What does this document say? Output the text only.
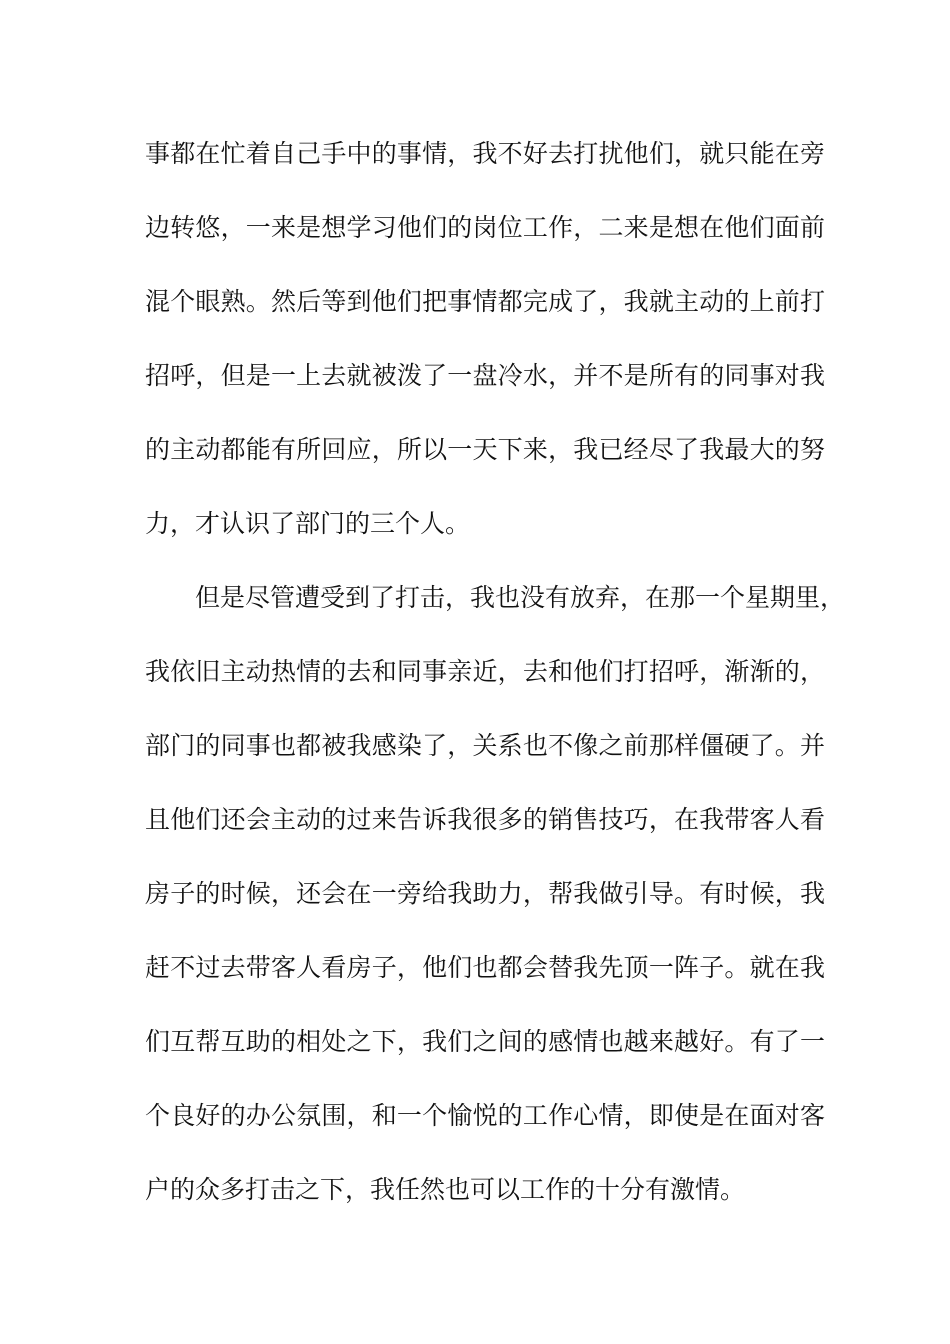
事都在忙着自己手中的事情，我不好去打扰他们，就只能在旁
边转悠，一来是想学习他们的岗位工作，二来是想在他们面前
混个眼熟。然后等到他们把事情都完成了，我就主动的上前打
招呼，但是一上去就被泼了一盘冷水，并不是所有的同事对我
的主动都能有所回应，所以一天下来，我已经尽了我最大的努
力，才认识了部门的三个人。
但是尽管遭受到了打击，我也没有放弃，在那一个星期里，
我依旧主动热情的去和同事亲近，去和他们打招呼，渐渐的，
部门的同事也都被我感染了，关系也不像之前那样僵硬了。并
且他们还会主动的过来告诉我很多的销售技巧，在我带客人看
房子的时候，还会在一旁给我助力，帮我做引导。有时候，我
赶不过去带客人看房子，他们也都会替我先顶一阵子。就在我
们互帮互助的相处之下，我们之间的感情也越来越好。有了一
个良好的办公氛围，和一个愉悦的工作心情，即使是在面对客
户的众多打击之下，我任然也可以工作的十分有激情。
